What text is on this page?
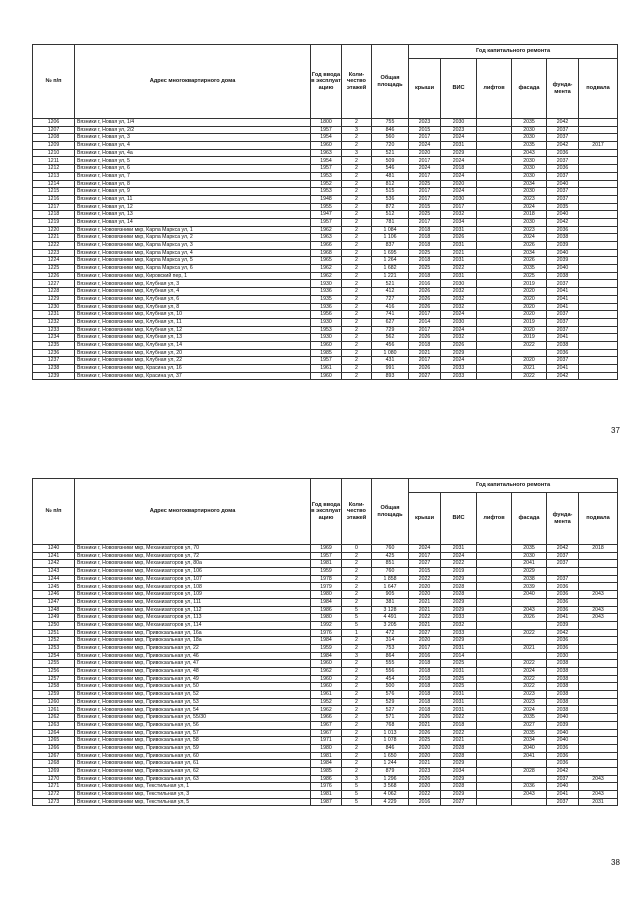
№ п/п	Адрес многоквартирного дома	Год ввода в эксплуат ацию	Коли-чество этажей	Общая площадь	Год капитального ремонта					
					крыши	ВИС	лифтов	фасада	фунда-мента	подвала
1206	Вязники г, Новая ул, 1/4	1800	2	755	2023	2030		2035	2042	
1207	Вязники г, Новая ул, 2/2	1957	3	846	2015	2023		2030	2037	
1208	Вязники г, Новая ул, 3	1954	2	560	2017	2024		2030	2037	
1209	Вязники г, Новая ул, 4	1960	2	720	2024	2031		2035	2042	2017
1210	Вязники г, Новая ул, 4а	1963	3	521	2020	2029		2043	2036	
1211	Вязники г, Новая ул, 5	1954	2	509	2017	2024		2030	2037	
1212	Вязники г, Новая ул, 6	1957	2	546	2024	2018		2030	2036	
1213	Вязники г, Новая ул, 7	1953	2	481	2017	2024		2030	2037	
1214	Вязники г, Новая ул, 8	1952	2	812	2025	2020		2034	2040	
1215	Вязники г, Новая ул, 9	1953	2	515	2017	2024		2030	2037	
1216	Вязники г, Новая ул, 11	1948	2	536	2017	2030		2023	2037	
1217	Вязники г, Новая ул, 12	1955	2	872	2015	2017		2024	2035	
1218	Вязники г, Новая ул, 13	1947	2	512	2025	2032		2018	2040	
1219	Вязники г, Новая ул, 14	1957	2	781	2017	2034		2030	2042	
1220	Вязники г, Нововязники мкр, Карла Маркса ул, 1	1962	2	1 084	2018	2031		2023	2036	
1221	Вязники г, Нововязники мкр, Карла Маркса ул, 2	1963	2	1 106	2018	2026		2024	2038	
1222	Вязники г, Нововязники мкр, Карла Маркса ул, 3	1966	2	837	2018	2031		2026	2039	
1223	Вязники г, Нововязники мкр, Карла Маркса ул, 4	1968	2	1 695	2025	2021		2034	2040	
1224	Вязники г, Нововязники мкр, Карла Маркса ул, 5	1965	2	1 264	2018	2031		2026	2039	
1225	Вязники г, Нововязники мкр, Карла Маркса ул, 6	1962	2	1 682	2025	2022		2035	2040	
1226	Вязники г, Нововязники мкр, Кировский пер, 1	1962	2	1 221	2018	2031		2025	2038	
1227	Вязники г, Нововязники мкр, Клубная ул, 3	1930	2	521	2016	2030		2019	2037	
1228	Вязники г, Нововязники мкр, Клубная ул, 4	1936	2	412	2026	2032		2020	2041	
1229	Вязники г, Нововязники мкр, Клубная ул, 6	1935	2	727	2026	2032		2020	2041	
1230	Вязники г, Нововязники мкр, Клубная ул, 8	1936	2	416	2026	2032		2020	2041	
1231	Вязники г, Нововязники мкр, Клубная ул, 10	1956	2	741	2017	2024		2020	2037	
1232	Вязники г, Нововязники мкр, Клубная ул, 11	1930	2	627	2014	2030		2019	2037	
1233	Вязники г, Нововязники мкр, Клубная ул, 12	1953	2	729	2017	2024		2020	2037	
1234	Вязники г, Нововязники мкр, Клубная ул, 13	1930	2	562	2026	2032		2019	2041	
1235	Вязники г, Нововязники мкр, Клубная ул, 14	1960	2	456	2018	2026		2022	2038	
1236	Вязники г, Нововязники мкр, Клубная ул, 20	1985	2	1 080	2021	2029			2036	
1237	Вязники г, Нововязники мкр, Клубная ул, 22	1957	2	431	2017	2024		2020	2037	
1238	Вязники г, Нововязники мкр, Красина ул, 16	1961	2	991	2026	2033		2021	2041	
1239	Вязники г, Нововязники мкр, Красина ул, 37	1960	2	893	2027	2033		2022	2042	
37
№ п/п	Адрес многоквартирного дома	Год ввода в эксплуат ацию	Коли-чество этажей	Общая площадь	Год капитального ремонта					
					крыши	ВИС	лифтов	фасада	фунда-мента	подвала
1240	Вязники г, Нововязники мкр, Механизаторов ул, 70	1969	0	760	2024	2031		2035	2042	2018
1241	Вязники г, Нововязники мкр, Механизаторов ул, 72	1957	2	425	2017	2024		2030	2037	
1242	Вязники г, Нововязники мкр, Механизаторов ул, 80а	1981	2	851	2027	2022		2041	2037	
1243	Вязники г, Нововязники мкр, Механизаторов ул, 106	1959	2	760	2015	2019		2029		
1244	Вязники г, Нововязники мкр, Механизаторов ул, 107	1978	2	1 858	2022	2029		2038	2037	
1245	Вязники г, Нововязники мкр, Механизаторов ул, 108	1979	2	1 647	2020	2028		2039	2036	
1246	Вязники г, Нововязники мкр, Механизаторов ул, 109	1980	2	905	2020	2028		2040	2036	2043
1247	Вязники г, Нововязники мкр, Механизаторов ул, 111	1984	2	381	2021	2029			2036	
1248	Вязники г, Нововязники мкр, Механизаторов ул, 112	1986	5	3 128	2021	2029		2043	2036	2043
1249	Вязники г, Нововязники мкр, Механизаторов ул, 113	1980	5	4 491	2022	2033		2026	2041	2043
1250	Вязники г, Нововязники мкр, Механизаторов ул, 114	1992	5	3 205	2021	2032			2039	
1251	Вязники г, Нововязники мкр, Привокзальная ул, 16а	1976	1	472	2027	2033		2022	2042	
1252	Вязники г, Нововязники мкр, Привокзальная ул, 18а	1984	2	314	2020	2029			2036	
1253	Вязники г, Нововязники мкр, Привокзальная ул, 22	1959	2	753	2017	2031		2021	2036	
1254	Вязники г, Нововязники мкр, Привокзальная ул, 46	1984	3	864	2016	2014			2030	
1255	Вязники г, Нововязники мкр, Привокзальная ул, 47	1960	2	555	2018	2025		2022	2038	
1256	Вязники г, Нововязники мкр, Привокзальная ул, 48	1962	2	556	2018	2031		2024	2038	
1257	Вязники г, Нововязники мкр, Привокзальная ул, 49	1960	2	454	2018	2025		2022	2038	
1258	Вязники г, Нововязники мкр, Привокзальная ул, 50	1960	2	500	2018	2025		2022	2038	
1259	Вязники г, Нововязники мкр, Привокзальная ул, 52	1961	2	576	2018	2031		2023	2038	
1260	Вязники г, Нововязники мкр, Привокзальная ул, 53	1952	2	529	2018	2031		2023	2038	
1261	Вязники г, Нововязники мкр, Привокзальная ул, 54	1962	2	527	2018	2031		2024	2038	
1262	Вязники г, Нововязники мкр, Привокзальная ул, 55/30	1966	2	571	2026	2022		2035	2040	
1263	Вязники г, Нововязники мкр, Привокзальная ул, 56	1967	2	768	2021	2018		2027	2039	
1264	Вязники г, Нововязники мкр, Привокзальная ул, 57	1967	2	1 013	2026	2022		2035	2040	
1265	Вязники г, Нововязники мкр, Привокзальная ул, 58	1971	2	1 078	2025	2021		2034	2040	
1266	Вязники г, Нововязники мкр, Привокзальная ул, 59	1980	2	846	2020	2028		2040	2036	
1267	Вязники г, Нововязники мкр, Привокзальная ул, 60	1981	2	1 650	2020	2028		2041	2036	
1268	Вязники г, Нововязники мкр, Привокзальная ул, 61	1984	2	1 244	2021	2029			2036	
1269	Вязники г, Нововязники мкр, Привокзальная ул, 62	1985	2	879	2023	2034		2028	2042	
1270	Вязники г, Нововязники мкр, Привокзальная ул, 63	1986	3	1 296	2026	2029			2037	2043
1271	Вязники г, Нововязники мкр, Текстильная ул, 1	1976	5	3 568	2020	2028		2036	2040	
1272	Вязники г, Нововязники мкр, Текстильная ул, 3	1981	5	4 062	2022	2029		2043	2041	2043
1273	Вязники г, Нововязники мкр, Текстильная ул, 5	1987	5	4 229	2016	2027			2037	2031
38
